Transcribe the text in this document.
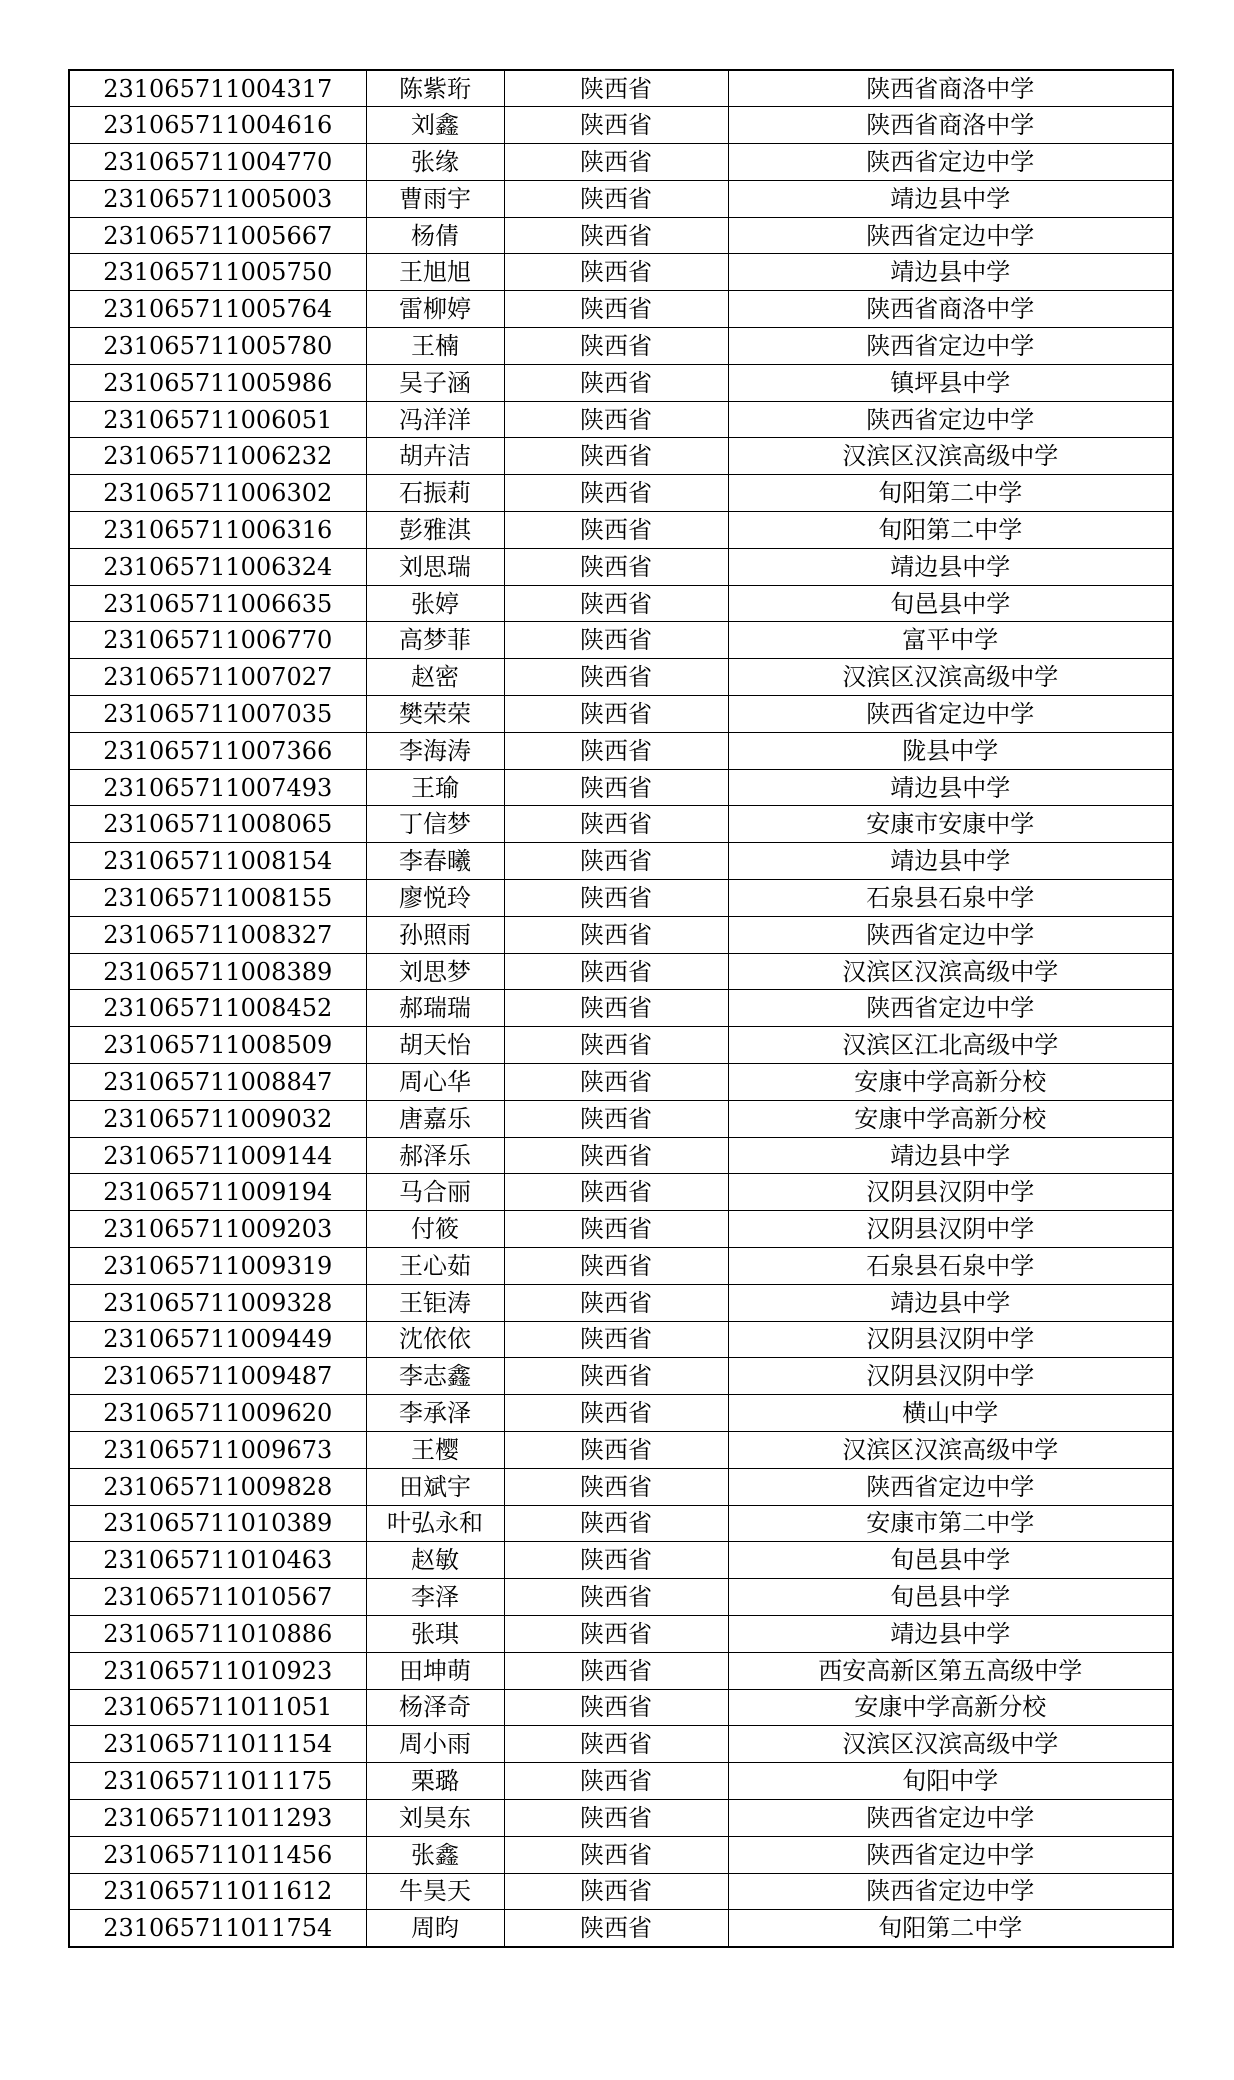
231065711004317	陈紫珩	陕西省	陕西省商洛中学
231065711004616	刘鑫	陕西省	陕西省商洛中学
231065711004770	张缘	陕西省	陕西省定边中学
231065711005003	曹雨宇	陕西省	靖边县中学
231065711005667	杨倩	陕西省	陕西省定边中学
231065711005750	王旭旭	陕西省	靖边县中学
231065711005764	雷柳婷	陕西省	陕西省商洛中学
231065711005780	王楠	陕西省	陕西省定边中学
231065711005986	吴子涵	陕西省	镇坪县中学
231065711006051	冯洋洋	陕西省	陕西省定边中学
231065711006232	胡卉洁	陕西省	汉滨区汉滨高级中学
231065711006302	石振莉	陕西省	旬阳第二中学
231065711006316	彭雅淇	陕西省	旬阳第二中学
231065711006324	刘思瑞	陕西省	靖边县中学
231065711006635	张婷	陕西省	旬邑县中学
231065711006770	高梦菲	陕西省	富平中学
231065711007027	赵密	陕西省	汉滨区汉滨高级中学
231065711007035	樊荣荣	陕西省	陕西省定边中学
231065711007366	李海涛	陕西省	陇县中学
231065711007493	王瑜	陕西省	靖边县中学
231065711008065	丁信梦	陕西省	安康市安康中学
231065711008154	李春曦	陕西省	靖边县中学
231065711008155	廖悦玲	陕西省	石泉县石泉中学
231065711008327	孙照雨	陕西省	陕西省定边中学
231065711008389	刘思梦	陕西省	汉滨区汉滨高级中学
231065711008452	郝瑞瑞	陕西省	陕西省定边中学
231065711008509	胡天怡	陕西省	汉滨区江北高级中学
231065711008847	周心华	陕西省	安康中学高新分校
231065711009032	唐嘉乐	陕西省	安康中学高新分校
231065711009144	郝泽乐	陕西省	靖边县中学
231065711009194	马合丽	陕西省	汉阴县汉阴中学
231065711009203	付筱	陕西省	汉阴县汉阴中学
231065711009319	王心茹	陕西省	石泉县石泉中学
231065711009328	王钜涛	陕西省	靖边县中学
231065711009449	沈依依	陕西省	汉阴县汉阴中学
231065711009487	李志鑫	陕西省	汉阴县汉阴中学
231065711009620	李承泽	陕西省	横山中学
231065711009673	王樱	陕西省	汉滨区汉滨高级中学
231065711009828	田斌宇	陕西省	陕西省定边中学
231065711010389	叶弘永和	陕西省	安康市第二中学
231065711010463	赵敏	陕西省	旬邑县中学
231065711010567	李泽	陕西省	旬邑县中学
231065711010886	张琪	陕西省	靖边县中学
231065711010923	田坤萌	陕西省	西安高新区第五高级中学
231065711011051	杨泽奇	陕西省	安康中学高新分校
231065711011154	周小雨	陕西省	汉滨区汉滨高级中学
231065711011175	栗璐	陕西省	旬阳中学
231065711011293	刘昊东	陕西省	陕西省定边中学
231065711011456	张鑫	陕西省	陕西省定边中学
231065711011612	牛昊天	陕西省	陕西省定边中学
231065711011754	周昀	陕西省	旬阳第二中学
